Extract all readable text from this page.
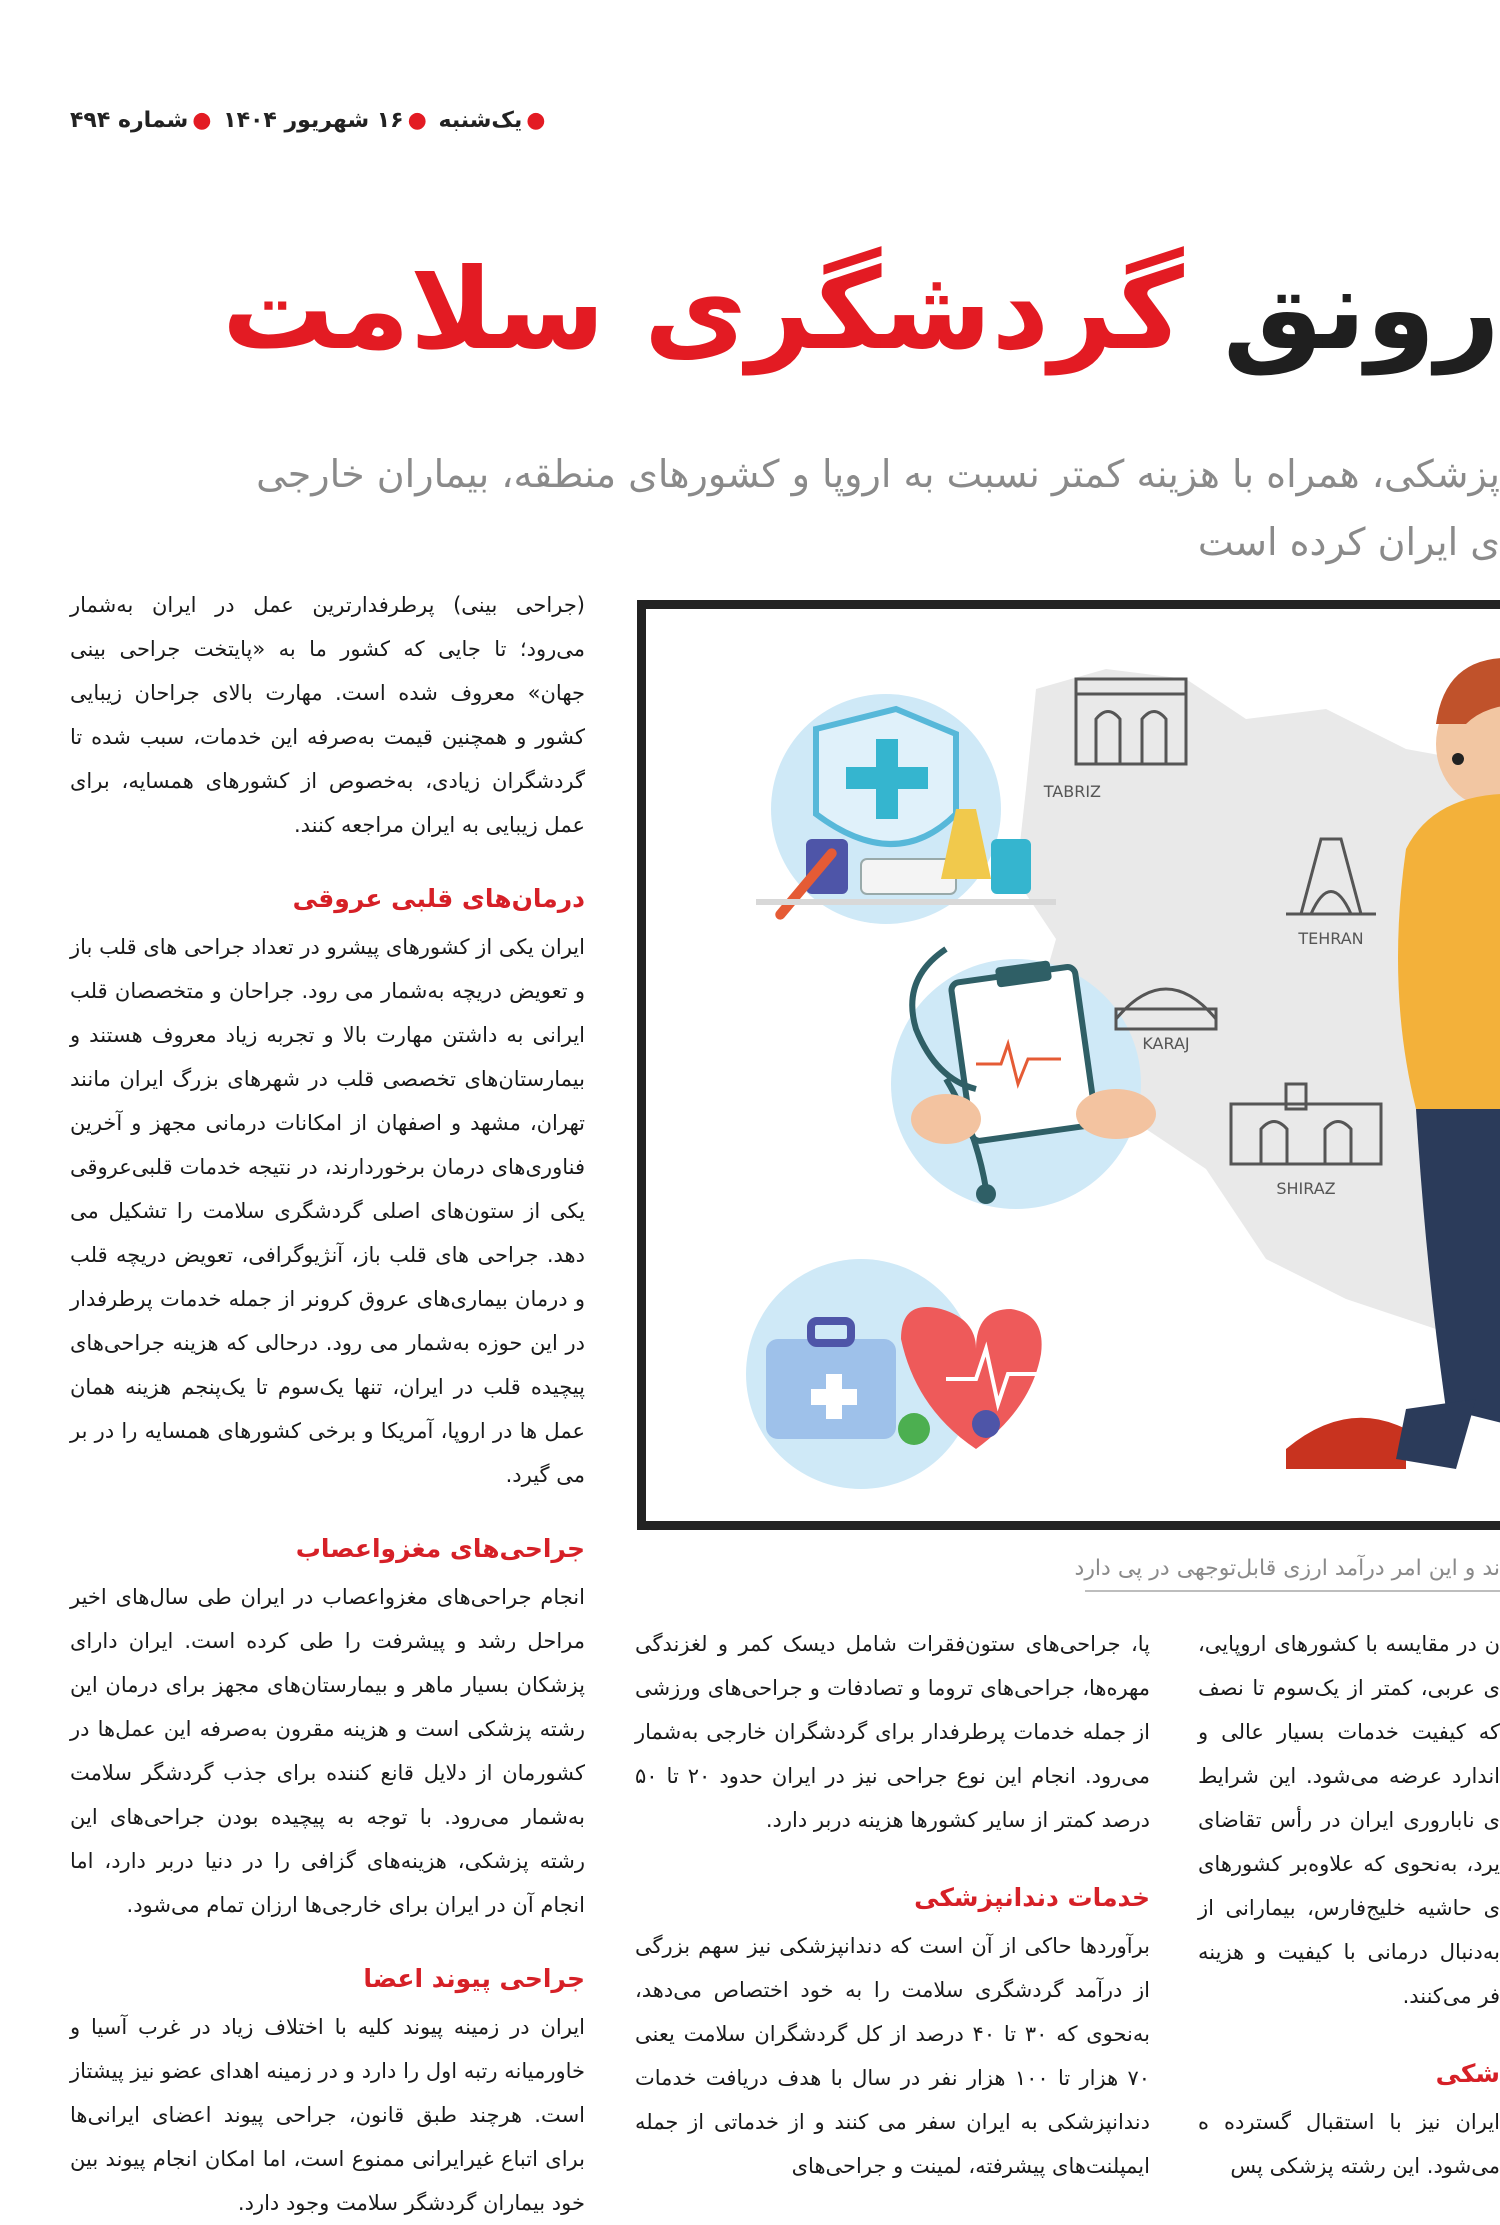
●یک‌شنبه ●۱۶ شهریور ۱۴۰۴ ●شماره ۴۹۴
رونق گردشگری سلامت

پزشکی، همراه با هزینه کمتر نسبت به اروپا و کشورهای منطقه، بیماران خارجی

ی ایران کرده است

(جراحی بینی) پرطرفدارترین عمل در ایران به‌شمار می‌رود؛ تا جایی که کشور ما به «پایتخت جراحی بینی جهان» معروف شده است. مهارت بالای جراحان زیبایی کشور و همچنین قیمت به‌صرفه این خدمات، سبب شده تا گردشگران زیادی، به‌خصوص از کشورهای همسایه، برای عمل زیبایی به ایران مراجعه کنند.

درمان‌های قلبی عروقی

ایران یکی از کشورهای پیشرو در تعداد جراحی های قلب باز و تعویض دریچه به‌شمار می رود. جراحان و متخصصان قلب ایرانی به داشتن مهارت بالا و تجربه زیاد معروف هستند و بیمارستان‌های تخصصی قلب در شهرهای بزرگ ایران مانند تهران، مشهد و اصفهان از امکانات درمانی مجهز و آخرین فناوری‌های درمان برخوردارند، در نتیجه خدمات قلبی‌عروقی یکی از ستون‌های اصلی گردشگری سلامت را تشکیل می دهد. جراحی های قلب باز، آنژیوگرافی، تعویض دریچه قلب و درمان بیماری‌های عروق کرونر از جمله خدمات پرطرفدار در این حوزه به‌شمار می رود. درحالی که هزینه جراحی‌های پیچیده قلب در ایران، تنها یک‌سوم تا یک‌پنجم هزینه همان عمل ها در اروپا، آمریکا و برخی کشورهای همسایه را در بر می گیرد.

جراحی‌های مغزواعصاب

انجام جراحی‌های مغزواعصاب در ایران طی سال‌های اخیر مراحل رشد و پیشرفت را طی کرده است. ایران دارای پزشکان بسیار ماهر و بیمارستان‌های مجهز برای درمان این رشته پزشکی است و هزینه مقرون به‌صرفه این عمل‌ها در کشورمان از دلایل قانع کننده برای جذب گردشگر سلامت به‌شمار می‌رود. با توجه به پیچیده بودن جراحی‌های این رشته پزشکی، هزینه‌های گزافی را در دنیا دربر دارد، اما انجام آن در ایران برای خارجی‌ها ارزان تمام می‌شود.

جراحی پیوند اعضا

ایران در زمینه پیوند کلیه با اختلاف زیاد در غرب آسیا و خاورمیانه رتبه اول را دارد و در زمینه اهدای عضو نیز پیشتاز است. هرچند طبق قانون، جراحی پیوند اعضای ایرانی‌ها برای اتباع غیرایرانی ممنوع است، اما امکان انجام پیوند بین خود بیماران گردشگر سلامت وجود دارد.

TABRIZ
TEHRAN
KARAJ
SHIRAZ
ند و این امر درآمد ارزی قابل‌توجهی در پی دارد

پا، جراحی‌های ستون‌فقرات شامل دیسک کمر و لغزندگی مهره‌ها، جراحی‌های تروما و تصادفات و جراحی‌های ورزشی از جمله خدمات پرطرفدار برای گردشگران خارجی به‌شمار می‌رود. انجام این نوع جراحی نیز در ایران حدود ۲۰ تا ۵۰ درصد کمتر از سایر کشورها هزینه دربر دارد.

خدمات دندانپزشکی

برآوردها حاکی از آن است که دندانپزشکی نیز سهم بزرگی از درآمد گردشگری سلامت را به خود اختصاص می‌دهد، به‌نحوی که ۳۰ تا ۴۰ درصد از کل گردشگران سلامت یعنی ۷۰ هزار تا ۱۰۰ هزار نفر در سال با هدف دریافت خدمات دندانپزشکی به ایران سفر می کنند و از خدماتی از جمله ایمپلنت‌های پیشرفته، لمینت و جراحی‌های

ن در مقایسه با کشورهای اروپایی، ی عربی، کمتر از یک‌سوم تا نصف که کیفیت خدمات بسیار عالی و اندارد عرضه می‌شود. این شرایط ی ناباروری ایران در رأس تقاضای یرد، به‌نحوی که علاوه‌بر کشورهای ی حاشیه خلیج‌فارس، بیمارانی از به‌دنبال درمانی با کیفیت و هزینه فر می‌کنند.

شکی

ایران نیز با استقبال گسترده ه‌ می‌شود. این رشته پزشکی پس
